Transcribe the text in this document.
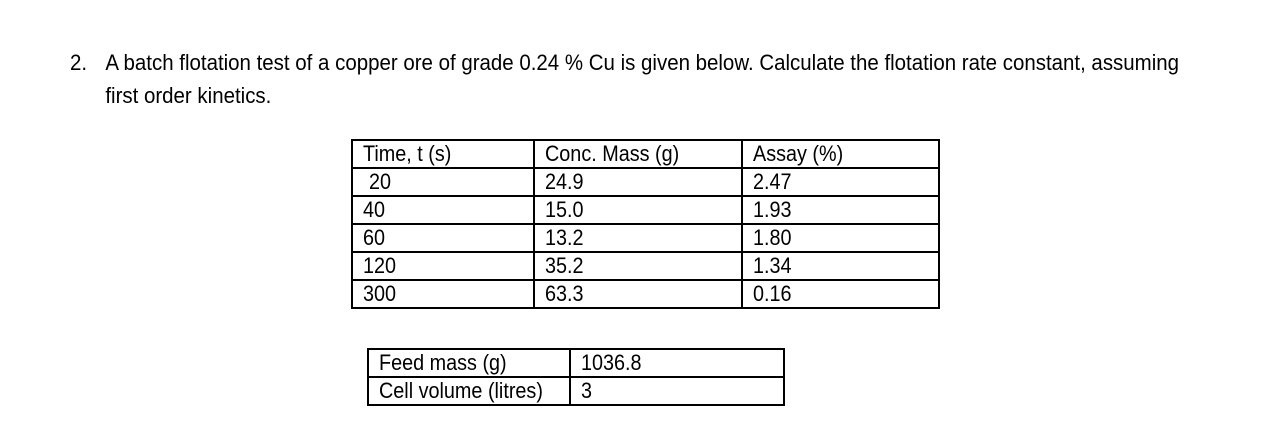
2. A batch flotation test of a copper ore of grade 0.24 % Cu is given below. Calculate the flotation rate constant, assuming
first order kinetics.
Time, t (s)	Conc. Mass (g)	Assay (%)
20	24.9	2.47
40	15.0	1.93
60	13.2	1.80
120	35.2	1.34
300	63.3	0.16
Feed mass (g)	1036.8
Cell volume (litres)	3
